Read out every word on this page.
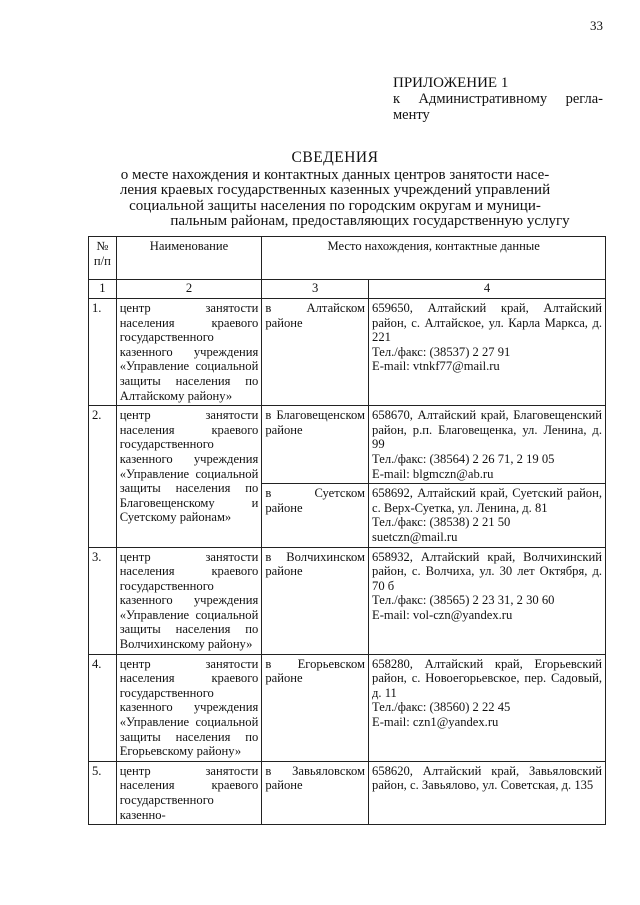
33
ПРИЛОЖЕНИЕ 1
к Административному регла-
менту
СВЕДЕНИЯ
о месте нахождения и контактных данных центров занятости насе-
ления краевых государственных казенных учреждений управлений
социальной защиты населения по городским округам и муници-
пальным районам, предоставляющих государственную услугу
№ п/п	Наименование	Место нахождения, контактные данные	
1	2	3	4
1.	центр занятости населения краевого государственного казенного учреждения «Управление социальной защиты населения по Алтайскому району»	в Алтайском районе	659650, Алтайский край, Алтайский район, с. Алтайское, ул. Карла Маркса, д. 221
Тел./факс: (38537) 2 27 91
E-mail: vtnkf77@mail.ru

2.	центр занятости населения краевого государственного казенного учреждения «Управление социальной защиты населения по Благовещенскому и Суетскому районам»	в Благовещенском районе	658670, Алтайский край, Благовещенский район, р.п. Благовещенка, ул. Ленина, д. 99
Тел./факс: (38564) 2 26 71, 2 19 05
E-mail: blgmczn@ab.ru

		в Суетском районе	658692, Алтайский край, Суетский район, с. Верх-Суетка, ул. Ленина, д. 81
Тел./факс: (38538) 2 21 50
suetczn@mail.ru

3.	центр занятости населения краевого государственного казенного учреждения «Управление социальной защиты населения по Волчихинскому району»	в Волчихинском районе	658932, Алтайский край, Волчихинский район, с. Волчиха, ул. 30 лет Октября, д. 70 б
Тел./факс: (38565) 2 23 31, 2 30 60
E-mail: vol-czn@yandex.ru

4.	центр занятости населения краевого государственного казенного учреждения «Управление социальной защиты населения по Егорьевскому району»	в Егорьевском районе	658280, Алтайский край, Егорьевский район, с. Новоегорьевское, пер. Садовый, д. 11
Тел./факс: (38560) 2 22 45
E-mail: czn1@yandex.ru

5.	центр занятости населения краевого государственного казенно-	в Завьяловском районе	658620, Алтайский край, Завьяловский район, с. Завьялово, ул. Советская, д. 135
